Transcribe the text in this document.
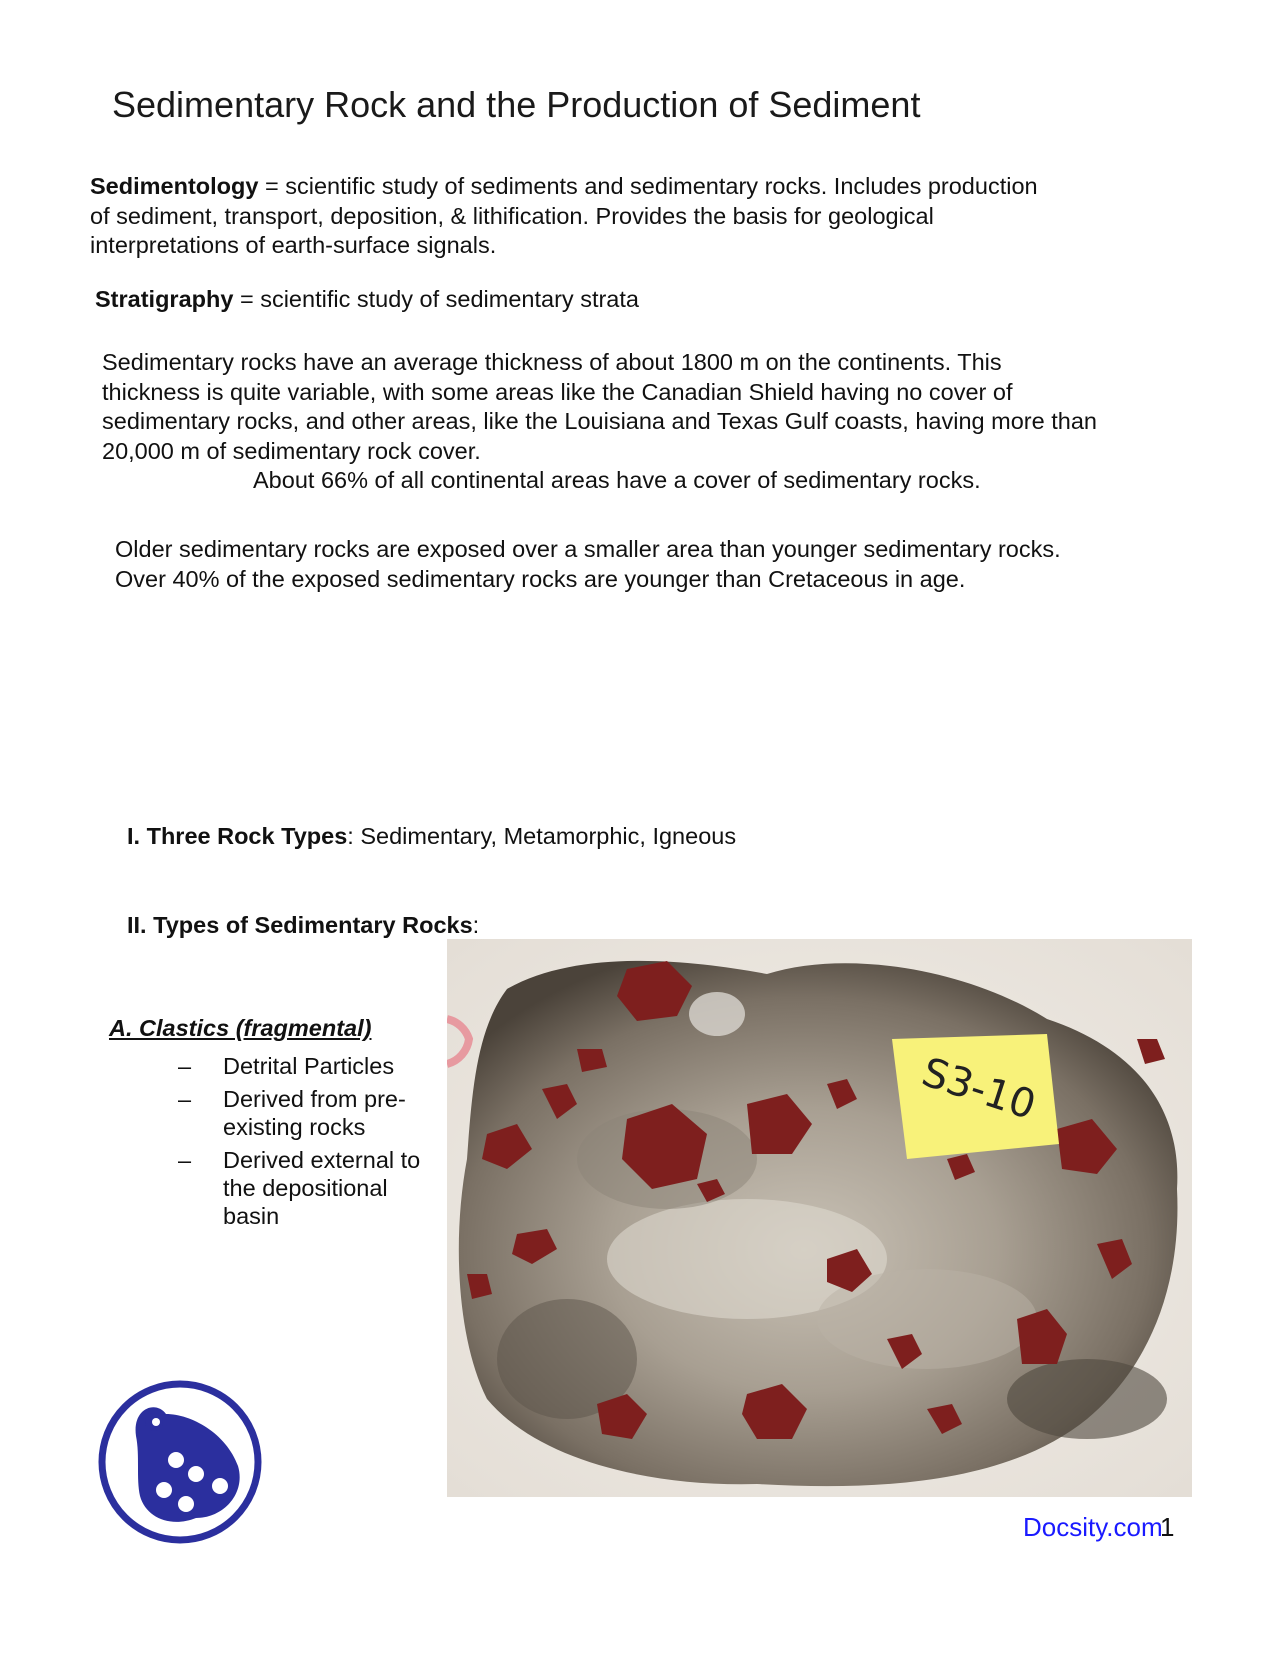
Sedimentary Rock and the Production of Sediment
Sedimentology = scientific study of sediments and sedimentary rocks. Includes production
of sediment, transport, deposition, & lithification. Provides the basis for geological
interpretations of earth-surface signals.
Stratigraphy = scientific study of sedimentary strata
Sedimentary rocks have an average thickness of about 1800 m on the continents. This
thickness is quite variable, with some areas like the Canadian Shield having no cover of
sedimentary rocks, and other areas, like the Louisiana and Texas Gulf coasts, having more than
20,000 m of sedimentary rock cover.
About 66% of all continental areas have a cover of sedimentary rocks.
Older sedimentary rocks are exposed over a smaller area than younger sedimentary rocks.
Over 40% of the exposed sedimentary rocks are younger than Cretaceous in age.
I. Three Rock Types: Sedimentary, Metamorphic, Igneous
II. Types of Sedimentary Rocks:
A. Clastics (fragmental)
– Detrital Particles
– Derived from pre-existing rocks
– Derived external to the depositional basin
S3-10
Docsity.com
1
